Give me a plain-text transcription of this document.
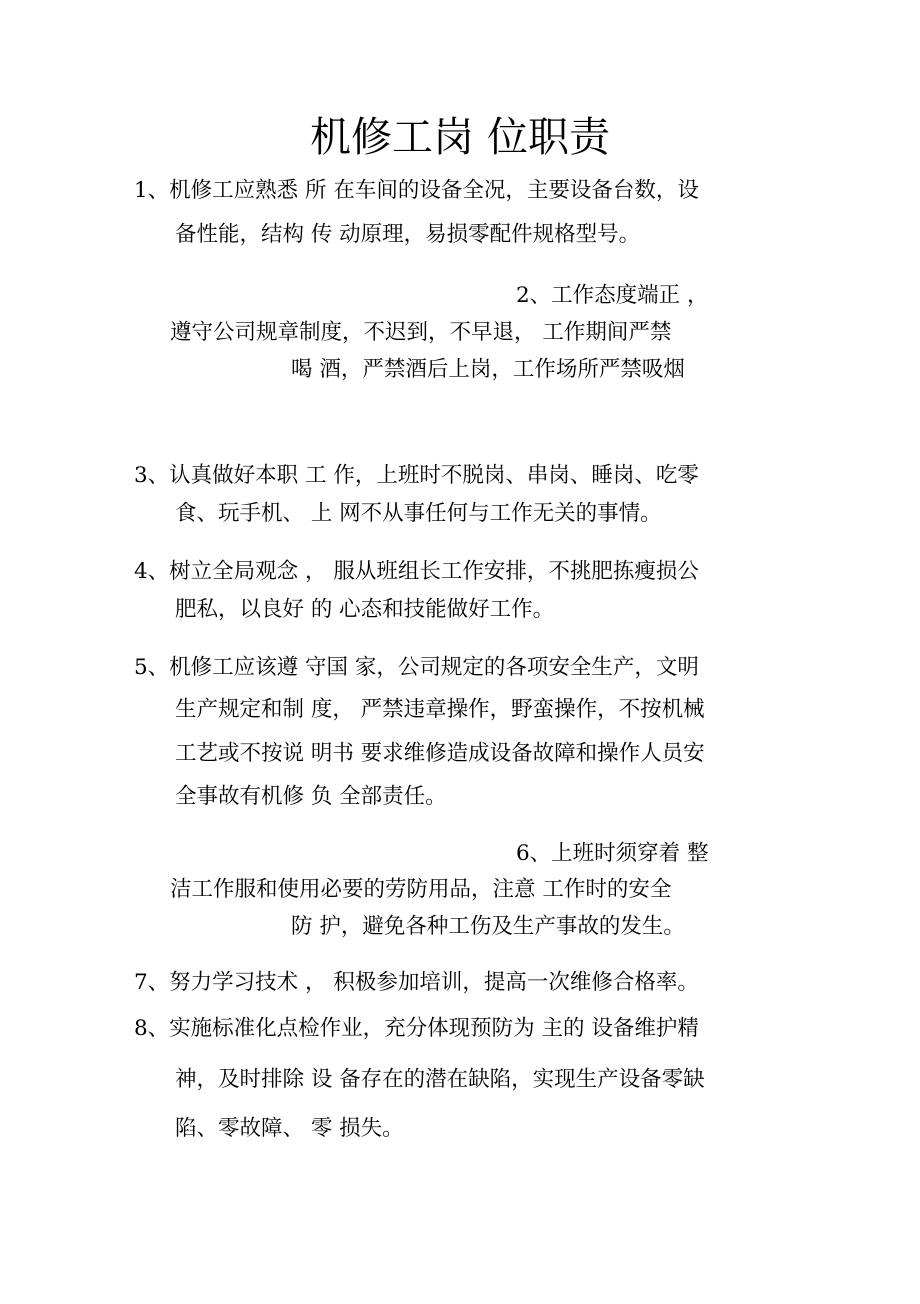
机修工岗 位职责
1、机修工应熟悉 所 在车间的设备全况，主要设备台数，设
备性能，结构 传 动原理，易损零配件规格型号。
2、工作态度端正 ，
遵守公司规章制度，不迟到，不早退， 工作期间严禁
喝 酒，严禁酒后上岗，工作场所严禁吸烟
3、认真做好本职 工 作，上班时不脱岗、串岗、睡岗、吃零
食、玩手机、 上 网不从事任何与工作无关的事情。
4、树立全局观念 ， 服从班组长工作安排，不挑肥拣瘦损公
肥私，以良好 的 心态和技能做好工作。
5、机修工应该遵 守国 家，公司规定的各项安全生产，文明
生产规定和制 度， 严禁违章操作，野蛮操作，不按机械
工艺或不按说 明书 要求维修造成设备故障和操作人员安
全事故有机修 负 全部责任。
6、上班时须穿着 整
洁工作服和使用必要的劳防用品，注意 工作时的安全
防 护，避免各种工伤及生产事故的发生。
7、努力学习技术 ， 积极参加培训，提高一次维修合格率。
8、实施标准化点检作业，充分体现预防为 主的 设备维护精
神，及时排除 设 备存在的潜在缺陷，实现生产设备零缺
陷、零故障、 零 损失。
